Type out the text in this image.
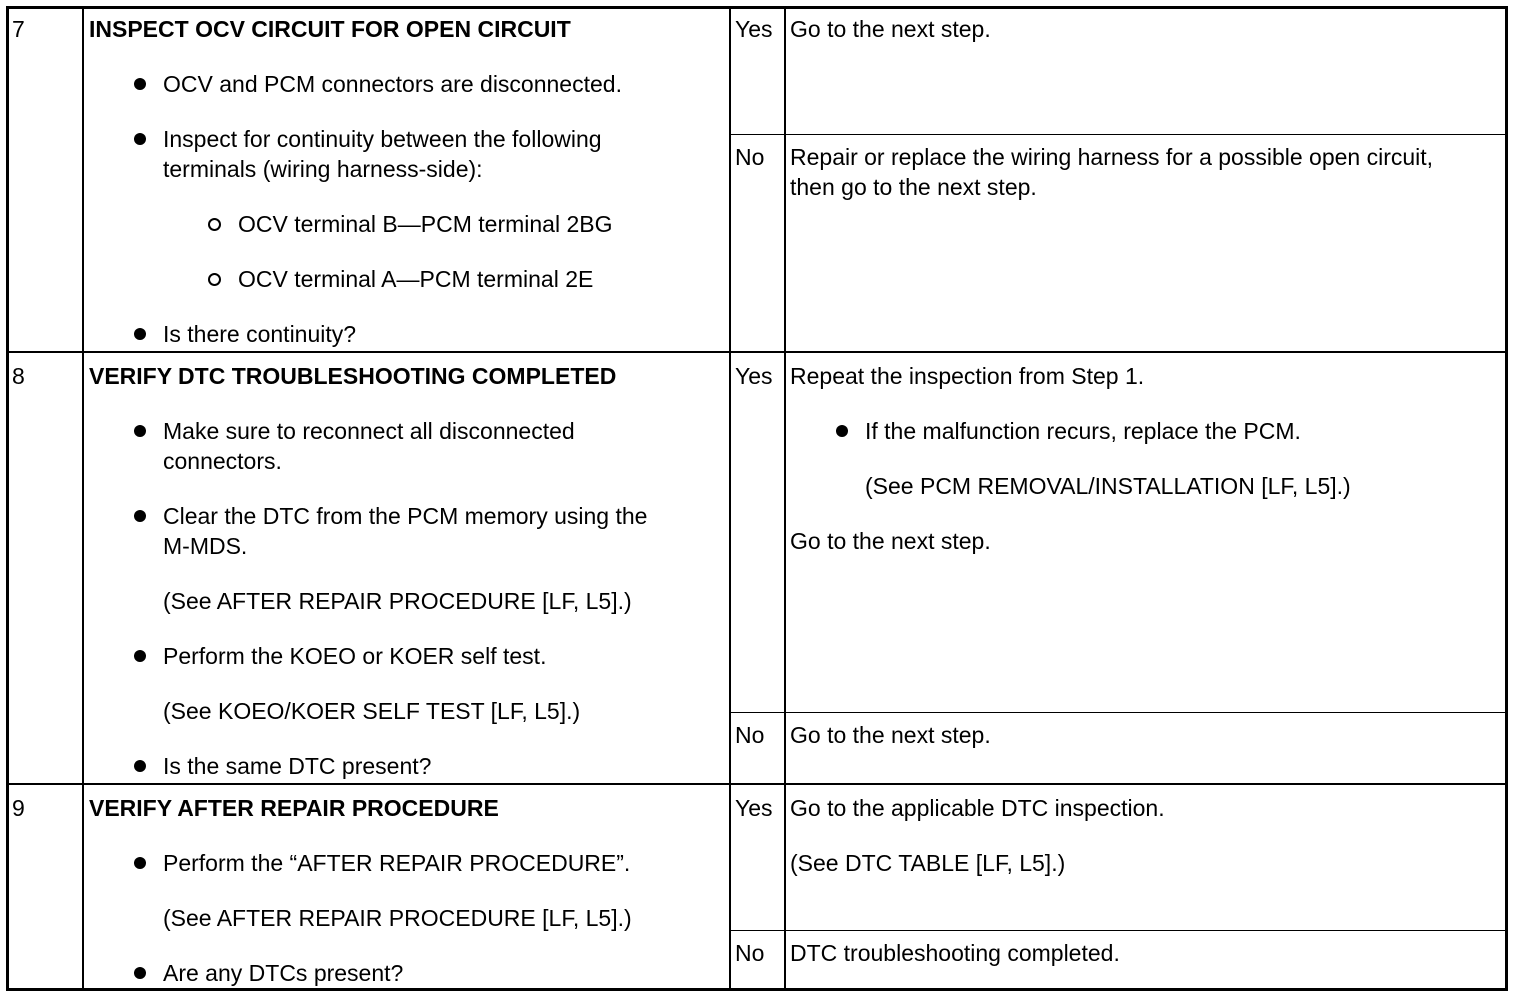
7	INSPECT OCV CIRCUIT FOR OPEN CIRCUIT
OCV and PCM connectors are disconnected.
Inspect for continuity between the following
terminals (wiring harness-side):
OCV terminal B—PCM terminal 2BG
OCV terminal A—PCM terminal 2E
Is there continuity?
Yes Go to the next step.
No Repair or replace the wiring harness for a possible open circuit,
then go to the next step.
8	VERIFY DTC TROUBLESHOOTING COMPLETED
Make sure to reconnect all disconnected
connectors.
Clear the DTC from the PCM memory using the
M-MDS.
(See AFTER REPAIR PROCEDURE [LF, L5].)
Perform the KOEO or KOER self test.
(See KOEO/KOER SELF TEST [LF, L5].)
Is the same DTC present?
Yes Repeat the inspection from Step 1.
If the malfunction recurs, replace the PCM.
(See PCM REMOVAL/INSTALLATION [LF, L5].)
Go to the next step.
No Go to the next step.
9	VERIFY AFTER REPAIR PROCEDURE
Perform the “AFTER REPAIR PROCEDURE”.
(See AFTER REPAIR PROCEDURE [LF, L5].)
Are any DTCs present?
Yes Go to the applicable DTC inspection.
(See DTC TABLE [LF, L5].)
No DTC troubleshooting completed.
